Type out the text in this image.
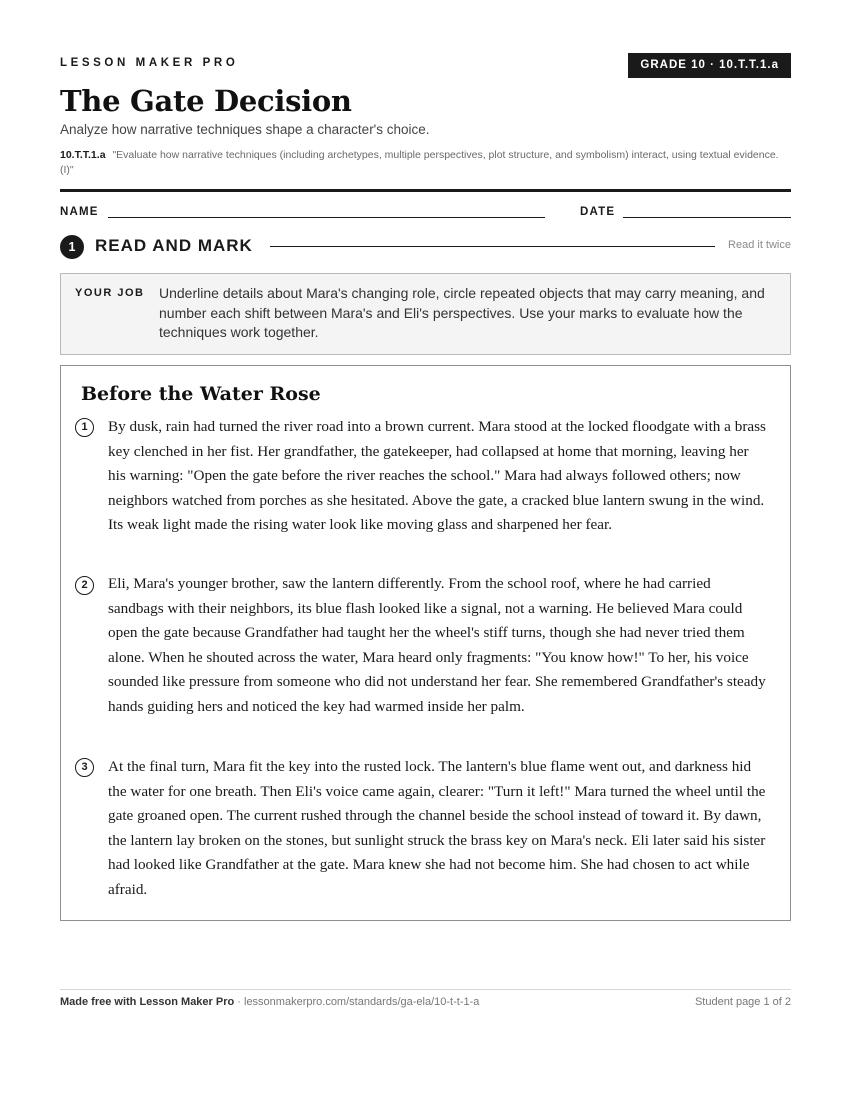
LESSON MAKER PRO	GRADE 10 · 10.T.T.1.a
The Gate Decision
Analyze how narrative techniques shape a character's choice.
10.T.T.1.a "Evaluate how narrative techniques (including archetypes, multiple perspectives, plot structure, and symbolism) interact, using textual evidence. (I)"
NAME	DATE
1	READ AND MARK	Read it twice
YOUR JOB Underline details about Mara's changing role, circle repeated objects that may carry meaning, and number each shift between Mara's and Eli's perspectives. Use your marks to evaluate how the techniques work together.
Before the Water Rose
1	By dusk, rain had turned the river road into a brown current. Mara stood at the locked floodgate with a brass key clenched in her fist. Her grandfather, the gatekeeper, had collapsed at home that morning, leaving her his warning: "Open the gate before the river reaches the school." Mara had always followed others; now neighbors watched from porches as she hesitated. Above the gate, a cracked blue lantern swung in the wind. Its weak light made the rising water look like moving glass and sharpened her fear.

2	Eli, Mara's younger brother, saw the lantern differently. From the school roof, where he had carried sandbags with their neighbors, its blue flash looked like a signal, not a warning. He believed Mara could open the gate because Grandfather had taught her the wheel's stiff turns, though she had never tried them alone. When he shouted across the water, Mara heard only fragments: "You know how!" To her, his voice sounded like pressure from someone who did not understand her fear. She remembered Grandfather's steady hands guiding hers and noticed the key had warmed inside her palm.

3	At the final turn, Mara fit the key into the rusted lock. The lantern's blue flame went out, and darkness hid the water for one breath. Then Eli's voice came again, clearer: "Turn it left!" Mara turned the wheel until the gate groaned open. The current rushed through the channel beside the school instead of toward it. By dawn, the lantern lay broken on the stones, but sunlight struck the brass key on Mara's neck. Eli later said his sister had looked like Grandfather at the gate. Mara knew she had not become him. She had chosen to act while afraid.

Made free with Lesson Maker Pro · lessonmakerpro.com/standards/ga-ela/10-t-t-1-a	Student page 1 of 2
